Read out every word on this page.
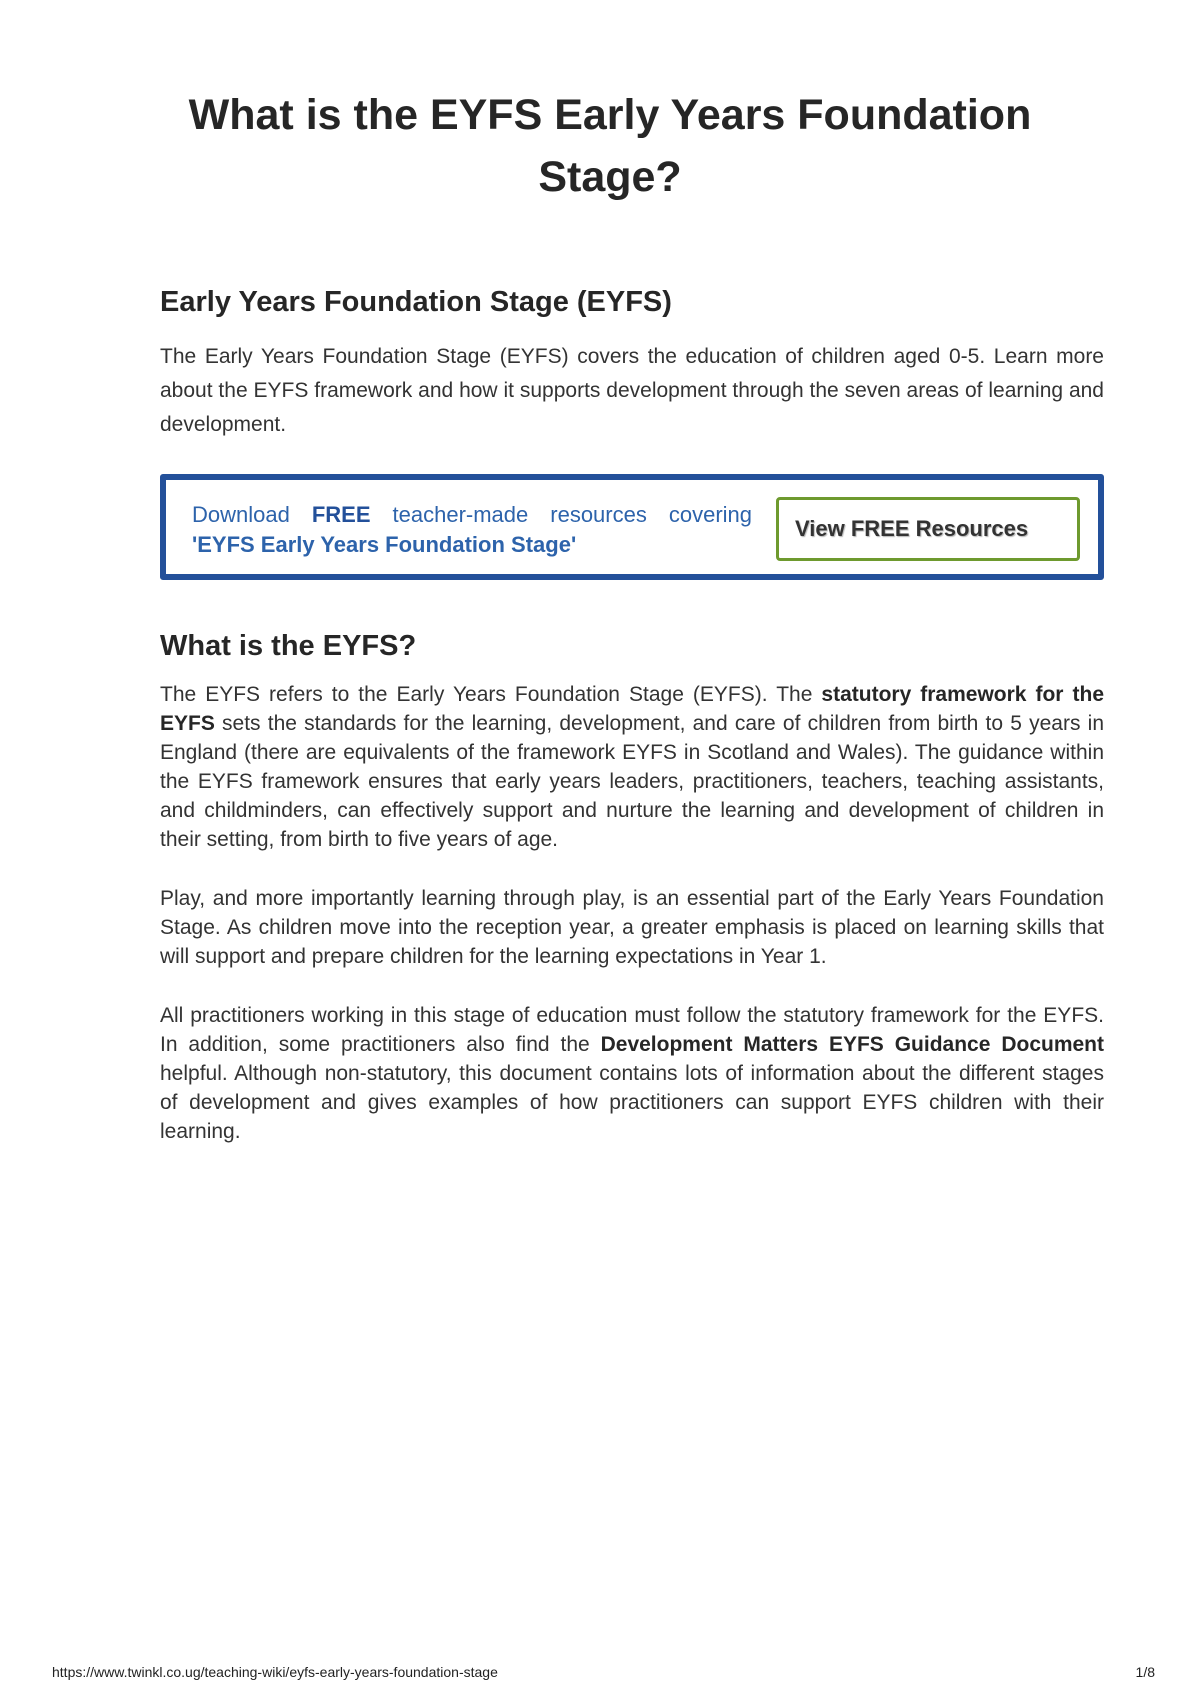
What is the EYFS Early Years Foundation Stage?
Early Years Foundation Stage (EYFS)

The Early Years Foundation Stage (EYFS) covers the education of children aged 0-5. Learn more about the EYFS framework and how it supports development through the seven areas of learning and development.

Download FREE teacher-made resources covering
'EYFS Early Years Foundation Stage'
View FREE Resources
What is the EYFS?

The EYFS refers to the Early Years Foundation Stage (EYFS). The statutory framework for the EYFS sets the standards for the learning, development, and care of children from birth to 5 years in England (there are equivalents of the framework EYFS in Scotland and Wales). The guidance within the EYFS framework ensures that early years leaders, practitioners, teachers, teaching assistants, and childminders, can effectively support and nurture the learning and development of children in their setting, from birth to five years of age.

Play, and more importantly learning through play, is an essential part of the Early Years Foundation Stage. As children move into the reception year, a greater emphasis is placed on learning skills that will support and prepare children for the learning expectations in Year 1.

All practitioners working in this stage of education must follow the statutory framework for the EYFS. In addition, some practitioners also find the Development Matters EYFS Guidance Document helpful. Although non-statutory, this document contains lots of information about the different stages of development and gives examples of how practitioners can support EYFS children with their learning.

https://www.twinkl.co.ug/teaching-wiki/eyfs-early-years-foundation-stage	1/8
